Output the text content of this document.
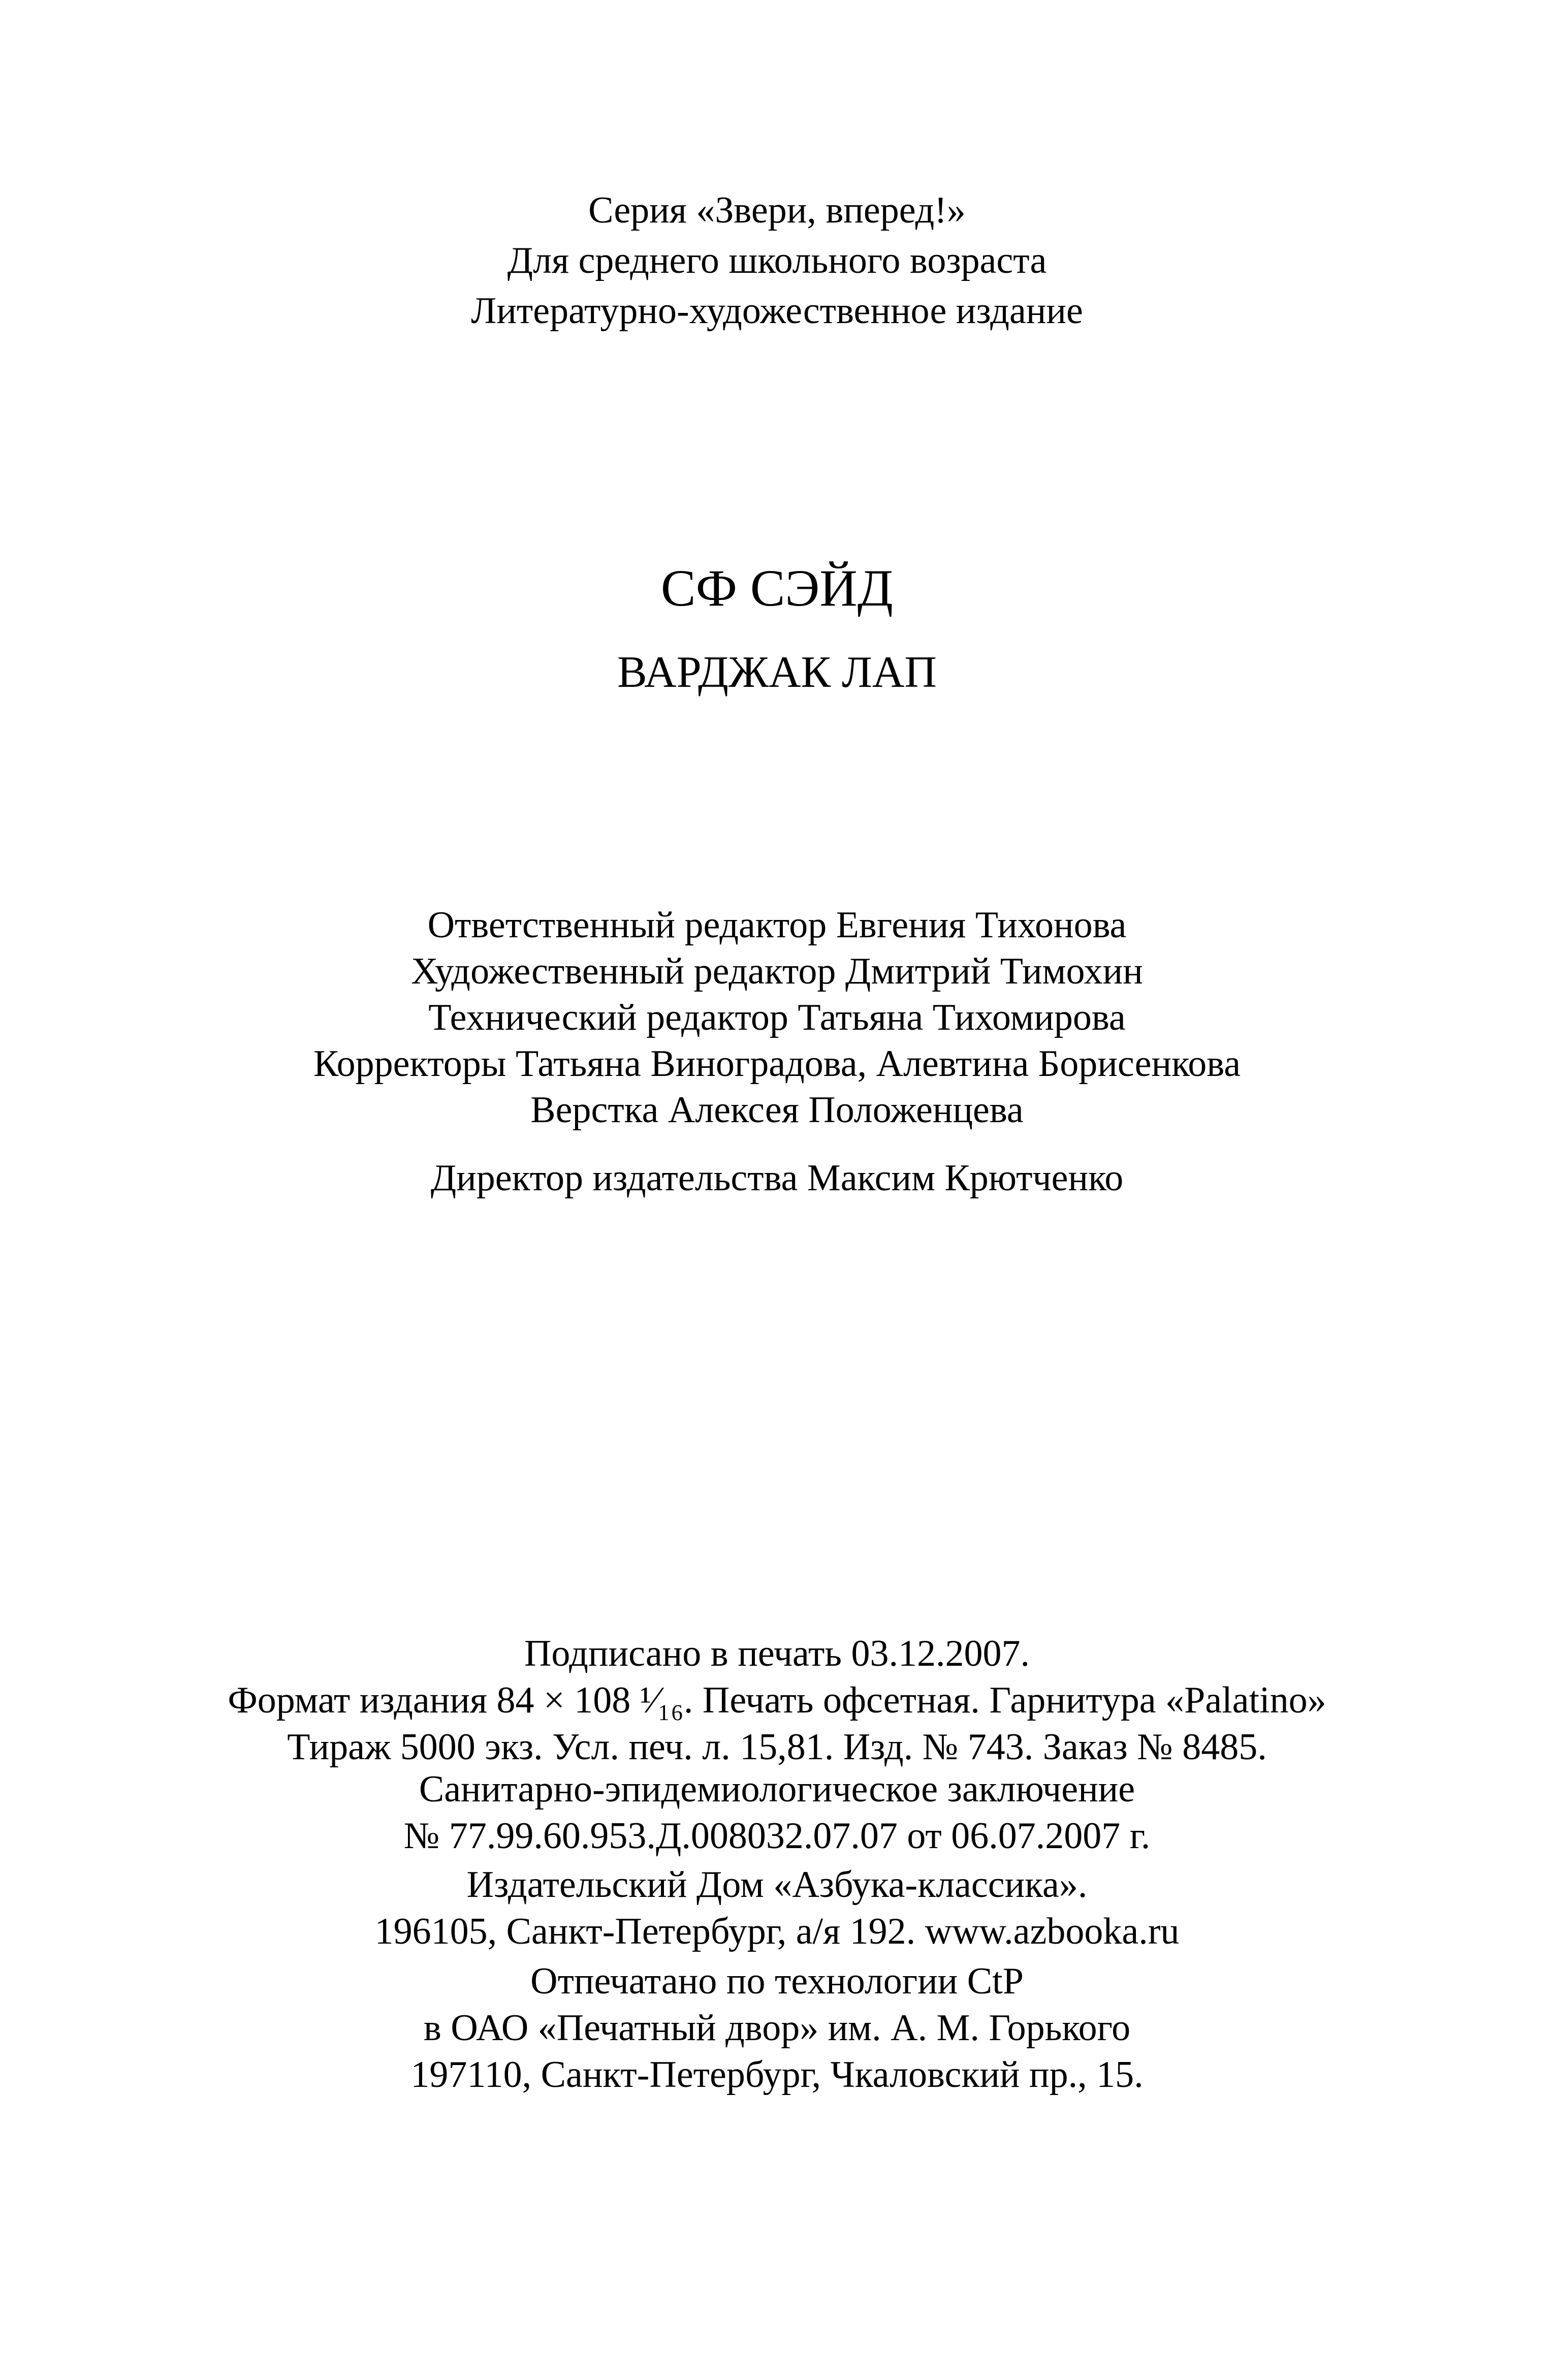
Серия «Звери, вперед!»
Для среднего школьного возраста
Литературно-художественное издание
СФ СЭЙД
ВАРДЖАК ЛАП
Ответственный редактор Евгения Тихонова
Художественный редактор Дмитрий Тимохин
Технический редактор Татьяна Тихомирова
Корректоры Татьяна Виноградова, Алевтина Борисенкова
Верстка Алексея Положенцева
Директор издательства Максим Крютченко
Подписано в печать 03.12.2007.
Формат издания 84 × 108 ¹⁄₁₆. Печать офсетная. Гарнитура «Palatino»
Тираж 5000 экз. Усл. печ. л. 15,81. Изд. № 743. Заказ № 8485.
Санитарно-эпидемиологическое заключение
№ 77.99.60.953.Д.008032.07.07 от 06.07.2007 г.
Издательский Дом «Азбука-классика».
196105, Санкт-Петербург, а/я 192. www.azbooka.ru
Отпечатано по технологии CtP
в ОАО «Печатный двор» им. А. М. Горького
197110, Санкт-Петербург, Чкаловский пр., 15.
